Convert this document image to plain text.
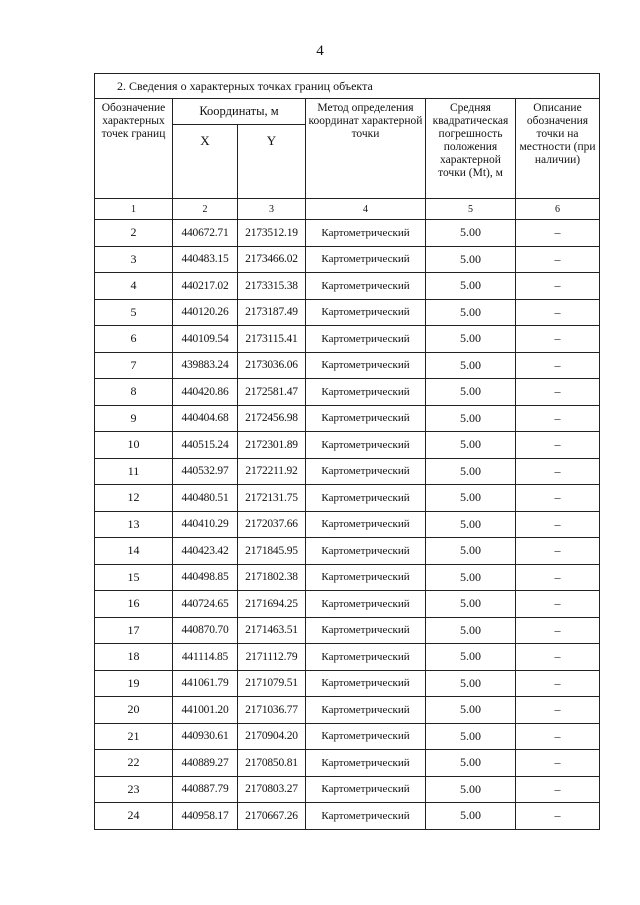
4
2. Сведения о характерных точках границ объекта					
Обозначение характерных точек границ	Координаты, м		Метод определения координат характерной точки	Средняя квадратическая погрешность положения характерной точки (Mt), м	Описание обозначения точки на местности (при наличии)
	X	Y			
1	2	3	4	5	6
2	440672.71	2173512.19	Картометрический	5.00	–
3	440483.15	2173466.02	Картометрический	5.00	–
4	440217.02	2173315.38	Картометрический	5.00	–
5	440120.26	2173187.49	Картометрический	5.00	–
6	440109.54	2173115.41	Картометрический	5.00	–
7	439883.24	2173036.06	Картометрический	5.00	–
8	440420.86	2172581.47	Картометрический	5.00	–
9	440404.68	2172456.98	Картометрический	5.00	–
10	440515.24	2172301.89	Картометрический	5.00	–
11	440532.97	2172211.92	Картометрический	5.00	–
12	440480.51	2172131.75	Картометрический	5.00	–
13	440410.29	2172037.66	Картометрический	5.00	–
14	440423.42	2171845.95	Картометрический	5.00	–
15	440498.85	2171802.38	Картометрический	5.00	–
16	440724.65	2171694.25	Картометрический	5.00	–
17	440870.70	2171463.51	Картометрический	5.00	–
18	441114.85	2171112.79	Картометрический	5.00	–
19	441061.79	2171079.51	Картометрический	5.00	–
20	441001.20	2171036.77	Картометрический	5.00	–
21	440930.61	2170904.20	Картометрический	5.00	–
22	440889.27	2170850.81	Картометрический	5.00	–
23	440887.79	2170803.27	Картометрический	5.00	–
24	440958.17	2170667.26	Картометрический	5.00	–
